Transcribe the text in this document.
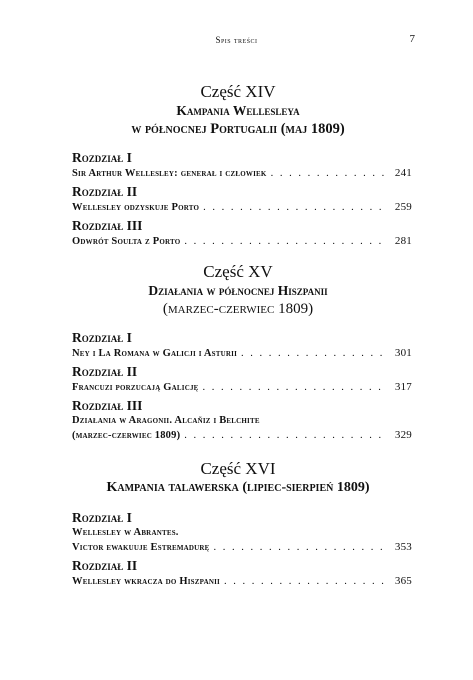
Spis treści	7
Część XIV
Kampania Wellesleya
w północnej Portugalii (maj 1809)
Rozdział I
Sir Arthur Wellesley: generał i człowiek . . .	241
Rozdział II
Wellesley odzyskuje Porto . . .	259
Rozdział III
Odwrót Soulta z Porto . . .	281
Część XV
Działania w północnej Hiszpanii
(marzec-czerwiec 1809)
Rozdział I
Ney i La Romana w Galicji i Asturii . . .	301
Rozdział II
Francuzi porzucają Galicję . . .	317
Rozdział III
Działania w Aragonii. Alcañiz i Belchite
(marzec-czerwiec 1809) . . .	329
Część XVI
Kampania talawerska (lipiec-sierpień 1809)
Rozdział I
Wellesley w Abrantes.
Victor ewakuuje Estremadurę . . .	353
Rozdział II
Wellesley wkracza do Hiszpanii . . .	365
